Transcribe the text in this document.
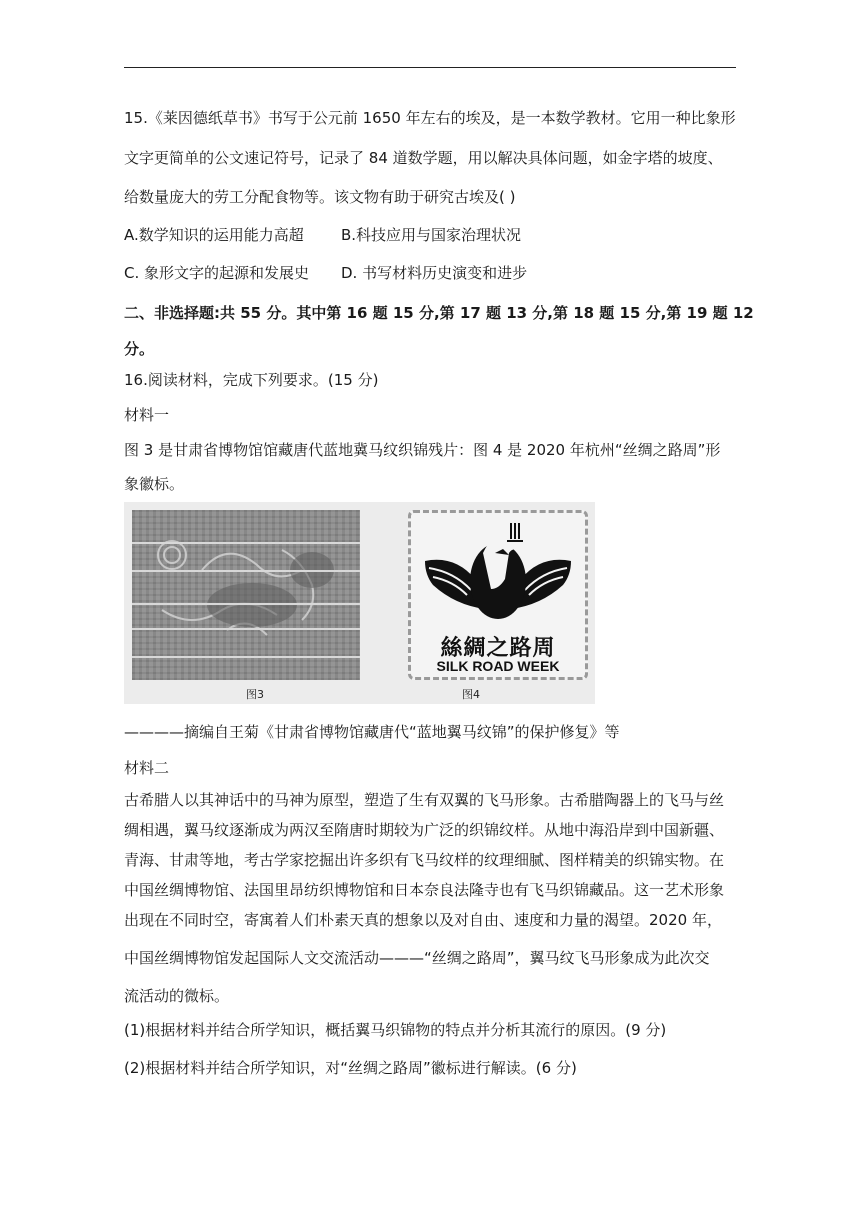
15.《莱因德纸草书》书写于公元前 1650 年左右的埃及，是一本数学教材。它用一种比象形
文字更简单的公文速记符号，记录了 84 道数学题，用以解决具体问题，如金字塔的坡度、
给数量庞大的劳工分配食物等。该文物有助于研究古埃及( )
A.数学知识的运用能力高超 B.科技应用与国家治理状况
C. 象形文字的起源和发展史 D. 书写材料历史演变和进步
二、非选择题:共 55 分。其中第 16 题 15 分,第 17 题 13 分,第 18 题 15 分,第 19 题 12
分。
16.阅读材料，完成下列要求。(15 分)
材料一
图 3 是甘肃省博物馆馆藏唐代蓝地冀马纹织锦残片：图 4 是 2020 年杭州“丝绸之路周”形
象徽标。
图3
絲綢之路周
SILK ROAD WEEK
图4
————摘编自王菊《甘肃省博物馆藏唐代“蓝地翼马纹锦”的保护修复》等
材料二
古希腊人以其神话中的马神为原型，塑造了生有双翼的飞马形象。古希腊陶器上的飞马与丝
绸相遇，翼马纹逐渐成为两汉至隋唐时期较为广泛的织锦纹样。从地中海沿岸到中国新疆、
青海、甘肃等地，考古学家挖掘出许多织有飞马纹样的纹理细腻、图样精美的织锦实物。在
中国丝绸博物馆、法国里昂纺织博物馆和日本奈良法隆寺也有飞马织锦藏品。这一艺术形象
出现在不同时空，寄寓着人们朴素天真的想象以及对自由、速度和力量的渴望。2020 年，
中国丝绸博物馆发起国际人文交流活动———“丝绸之路周”，翼马纹飞马形象成为此次交
流活动的微标。
(1)根据材料并结合所学知识，概括翼马织锦物的特点并分析其流行的原因。(9 分)
(2)根据材料并结合所学知识，对“丝绸之路周”徽标进行解读。(6 分)
